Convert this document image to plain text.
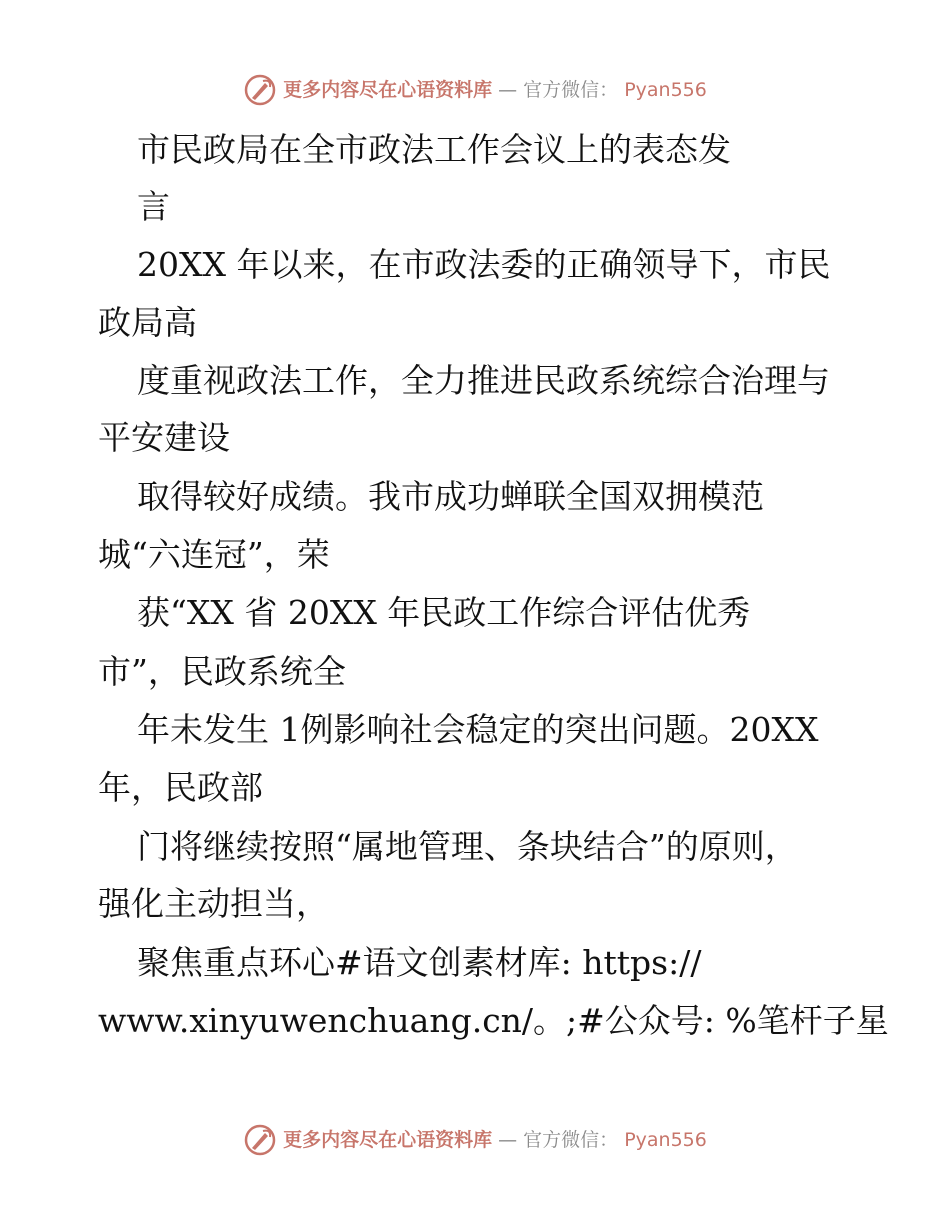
更多内容尽在心语资料库 — 官方微信： Pyan556
市民政局在全市政法工作会议上的表态发
言
20XX 年以来，在市政法委的正确领导下，市民
政局高
度重视政法工作，全力推进民政系统综合治理与
平安建设
取得较好成绩。我市成功蝉联全国双拥模范
城“六连冠”，荣
获“XX 省 20XX 年民政工作综合评估优秀
市”，民政系统全
年未发生 1例影响社会稳定的突出问题。20XX
年，民政部
门将继续按照“属地管理、条块结合”的原则，
强化主动担当，
聚焦重点环心#语文创素材库: https://
www.xinyuwenchuang.cn/。;#公众号: %笔杆子星
更多内容尽在心语资料库 — 官方微信： Pyan556
